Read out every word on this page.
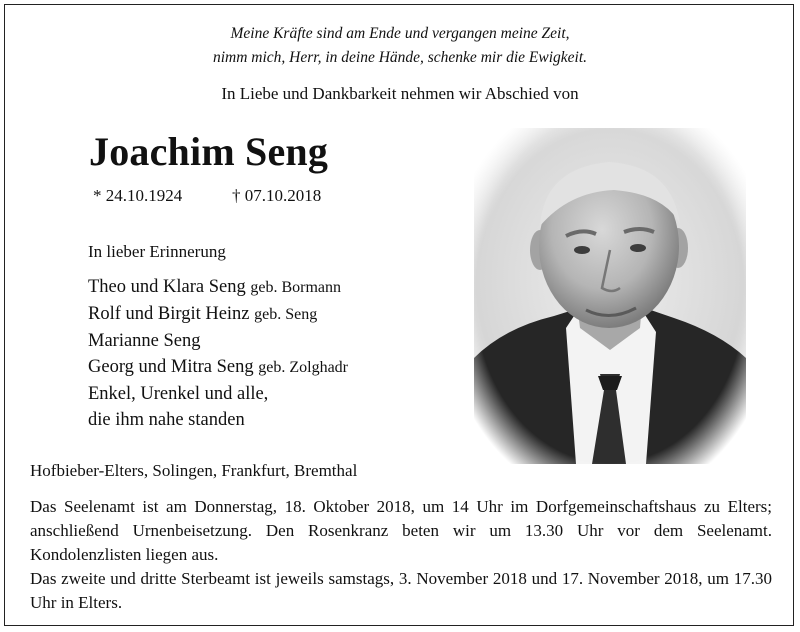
Meine Kräfte sind am Ende und vergangen meine Zeit,
nimm mich, Herr, in deine Hände, schenke mir die Ewigkeit.
In Liebe und Dankbarkeit nehmen wir Abschied von
Joachim Seng
* 24.10.1924	† 07.10.2018
In lieber Erinnerung
Theo und Klara Seng geb. Bormann
Rolf und Birgit Heinz geb. Seng
Marianne Seng
Georg und Mitra Seng geb. Zolghadr
Enkel, Urenkel und alle,
die ihm nahe standen
Hofbieber-Elters, Solingen, Frankfurt, Bremthal

Das Seelenamt ist am Donnerstag, 18. Oktober 2018, um 14 Uhr im Dorfgemeinschaftshaus zu Elters; anschließend Urnenbeisetzung. Den Rosenkranz beten wir um 13.30 Uhr vor dem Seelenamt. Kondolenzlisten liegen aus.

Das zweite und dritte Sterbeamt ist jeweils samstags, 3. November 2018 und 17. November 2018, um 17.30 Uhr in Elters.
